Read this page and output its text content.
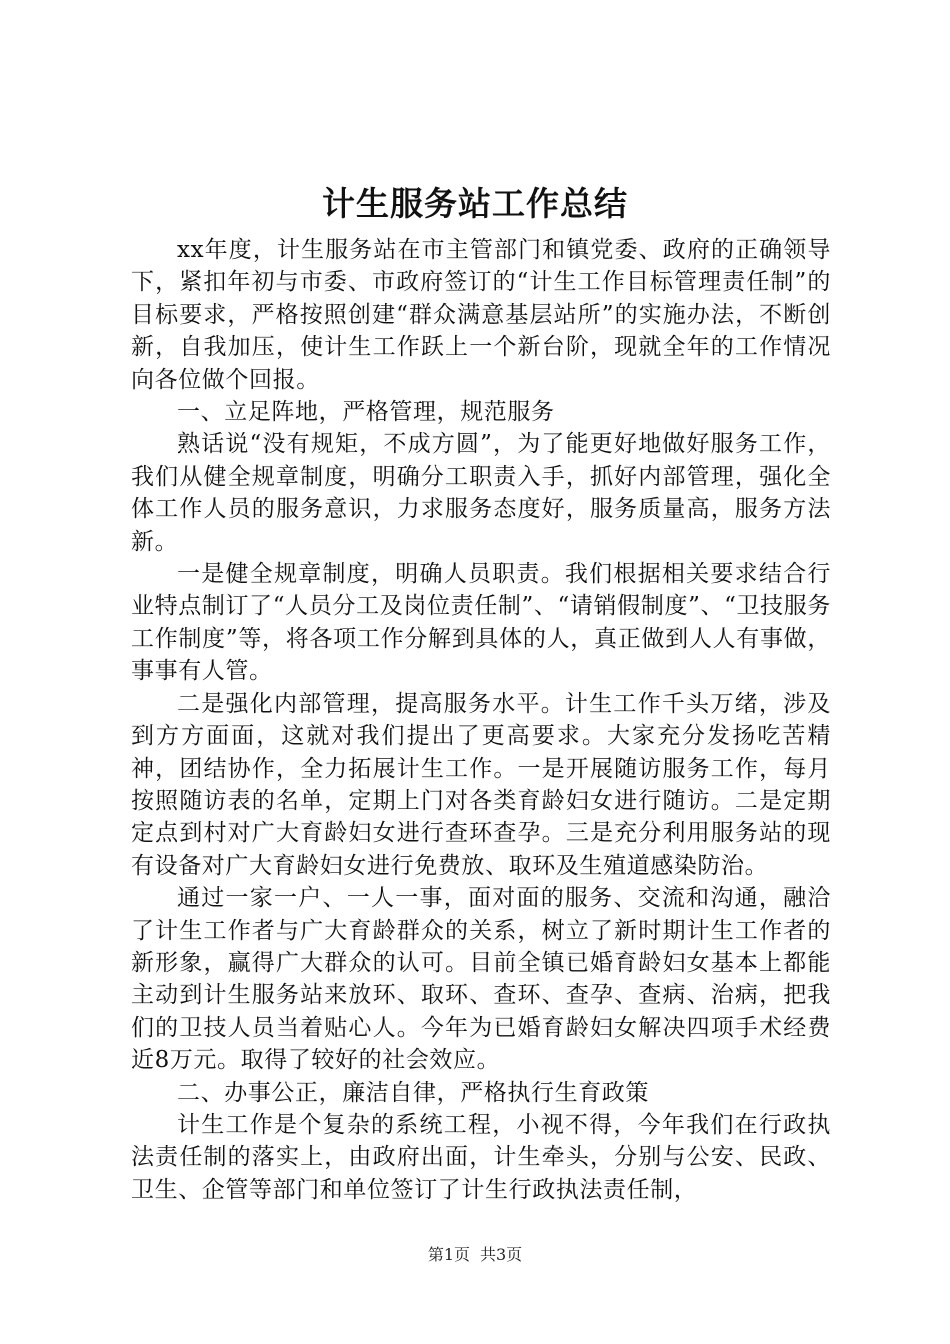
计生服务站工作总结

xx年度，计生服务站在市主管部门和镇党委、政府的正确领导下，紧扣年初与市委、市政府签订的“计生工作目标管理责任制”的目标要求，严格按照创建“群众满意基层站所”的实施办法，不断创新，自我加压，使计生工作跃上一个新台阶，现就全年的工作情况向各位做个回报。

一、立足阵地，严格管理，规范服务

熟话说“没有规矩，不成方圆”，为了能更好地做好服务工作，我们从健全规章制度，明确分工职责入手，抓好内部管理，强化全体工作人员的服务意识，力求服务态度好，服务质量高，服务方法新。

一是健全规章制度，明确人员职责。我们根据相关要求结合行业特点制订了“人员分工及岗位责任制”、“请销假制度”、“卫技服务工作制度”等，将各项工作分解到具体的人，真正做到人人有事做，事事有人管。

二是强化内部管理，提高服务水平。计生工作千头万绪，涉及到方方面面，这就对我们提出了更高要求。大家充分发扬吃苦精神，团结协作，全力拓展计生工作。一是开展随访服务工作，每月按照随访表的名单，定期上门对各类育龄妇女进行随访。二是定期定点到村对广大育龄妇女进行查环查孕。三是充分利用服务站的现有设备对广大育龄妇女进行免费放、取环及生殖道感染防治。

通过一家一户、一人一事，面对面的服务、交流和沟通，融洽了计生工作者与广大育龄群众的关系，树立了新时期计生工作者的新形象，赢得广大群众的认可。目前全镇已婚育龄妇女基本上都能主动到计生服务站来放环、取环、查环、查孕、查病、治病，把我们的卫技人员当着贴心人。今年为已婚育龄妇女解决四项手术经费近8万元。取得了较好的社会效应。

二、办事公正，廉洁自律，严格执行生育政策

计生工作是个复杂的系统工程，小视不得，今年我们在行政执法责任制的落实上，由政府出面，计生牵头，分别与公安、民政、卫生、企管等部门和单位签订了计生行政执法责任制，

第1页 共3页
